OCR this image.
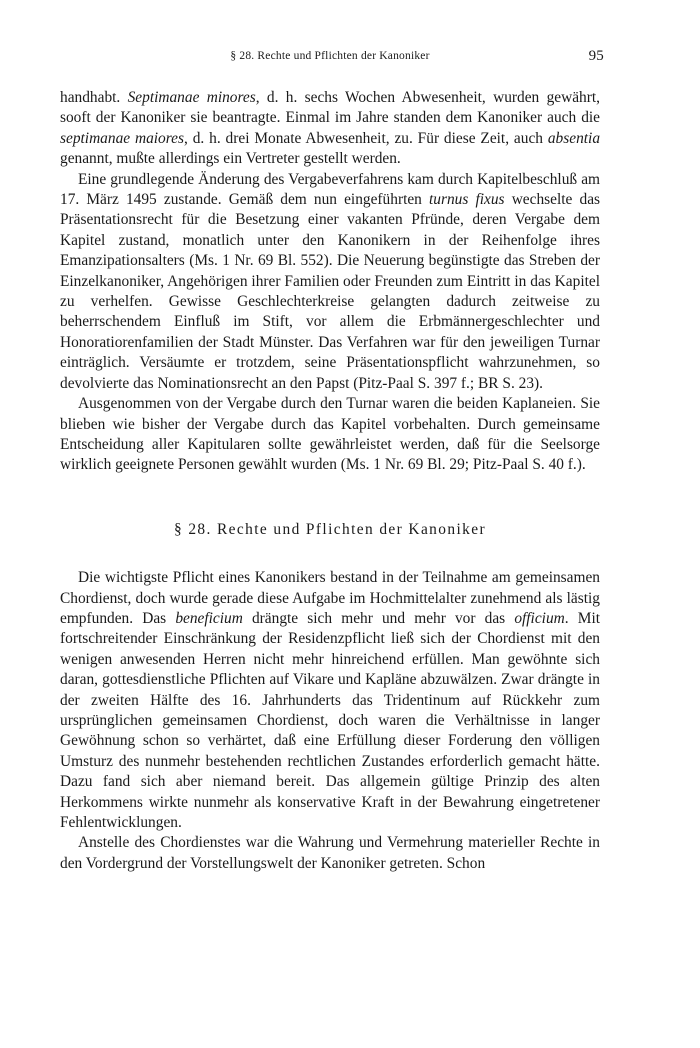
§ 28. Rechte und Pflichten der Kanoniker	95

handhabt. Septimanae minores, d. h. sechs Wochen Abwesenheit, wurden gewährt, sooft der Kanoniker sie beantragte. Einmal im Jahre standen dem Kanoniker auch die septimanae maiores, d. h. drei Monate Abwesenheit, zu. Für diese Zeit, auch absentia genannt, mußte allerdings ein Vertreter gestellt werden.

Eine grundlegende Änderung des Vergabeverfahrens kam durch Kapitelbeschluß am 17. März 1495 zustande. Gemäß dem nun eingeführten turnus fixus wechselte das Präsentationsrecht für die Besetzung einer vakanten Pfründe, deren Vergabe dem Kapitel zustand, monatlich unter den Kanonikern in der Reihenfolge ihres Emanzipationsalters (Ms. 1 Nr. 69 Bl. 552). Die Neuerung begünstigte das Streben der Einzelkanoniker, Angehörigen ihrer Familien oder Freunden zum Eintritt in das Kapitel zu verhelfen. Gewisse Geschlechterkreise gelangten dadurch zeitweise zu beherrschendem Einfluß im Stift, vor allem die Erbmännergeschlechter und Honoratiorenfamilien der Stadt Münster. Das Verfahren war für den jeweiligen Turnar einträglich. Versäumte er trotzdem, seine Präsentationspflicht wahrzunehmen, so devolvierte das Nominationsrecht an den Papst (Pitz-Paal S. 397 f.; BR S. 23).

Ausgenommen von der Vergabe durch den Turnar waren die beiden Kaplaneien. Sie blieben wie bisher der Vergabe durch das Kapitel vorbehalten. Durch gemeinsame Entscheidung aller Kapitularen sollte gewährleistet werden, daß für die Seelsorge wirklich geeignete Personen gewählt wurden (Ms. 1 Nr. 69 Bl. 29; Pitz-Paal S. 40 f.).

§ 28. Rechte und Pflichten der Kanoniker

Die wichtigste Pflicht eines Kanonikers bestand in der Teilnahme am gemeinsamen Chordienst, doch wurde gerade diese Aufgabe im Hochmittelalter zunehmend als lästig empfunden. Das beneficium drängte sich mehr und mehr vor das officium. Mit fortschreitender Einschränkung der Residenzpflicht ließ sich der Chordienst mit den wenigen anwesenden Herren nicht mehr hinreichend erfüllen. Man gewöhnte sich daran, gottesdienstliche Pflichten auf Vikare und Kapläne abzuwälzen. Zwar drängte in der zweiten Hälfte des 16. Jahrhunderts das Tridentinum auf Rückkehr zum ursprünglichen gemeinsamen Chordienst, doch waren die Verhältnisse in langer Gewöhnung schon so verhärtet, daß eine Erfüllung dieser Forderung den völligen Umsturz des nunmehr bestehenden rechtlichen Zustandes erforderlich gemacht hätte. Dazu fand sich aber niemand bereit. Das allgemein gültige Prinzip des alten Herkommens wirkte nunmehr als konservative Kraft in der Bewahrung eingetretener Fehlentwicklungen.

Anstelle des Chordienstes war die Wahrung und Vermehrung materieller Rechte in den Vordergrund der Vorstellungswelt der Kanoniker getreten. Schon
